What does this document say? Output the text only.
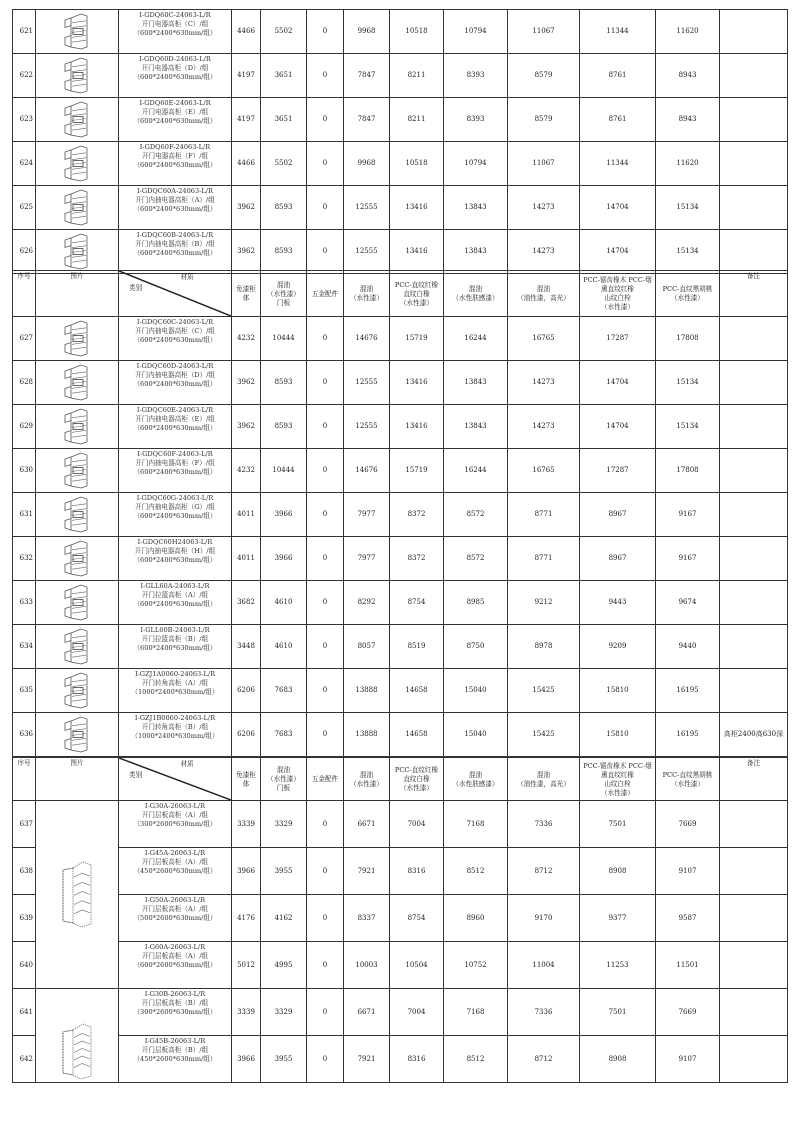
621	

I-GDQ60C-24063-L/R
开门电器高柜（C）/组
（600*2400*630mm/组）	4466	5502	0	9968	10518	10794	11067	11344	11620	
622	

I-GDQ60D-24063-L/R
开门电器高柜（D）/组
（600*2400*630mm/组）	4197	3651	0	7847	8211	8393	8579	8761	8943	
623	

I-GDQ60E-24063-L/R
开门电器高柜（E）/组
（600*2400*630mm/组）	4197	3651	0	7847	8211	8393	8579	8761	8943	
624	

I-GDQ60F-24063-L/R
开门电器高柜（F）/组
（600*2400*630mm/组）	4466	5502	0	9968	10518	10794	11067	11344	11620	
625	

I-GDQC60A-24063-L/R
开门内抽电器高柜（A）/组
（600*2400*630mm/组）	3962	8593	0	12555	13416	13843	14273	14704	15134	
626	

I-GDQC60B-24063-L/R
开门内抽电器高柜（B）/组
（600*2400*630mm/组）	3962	8593	0	12555	13416	13843	14273	14704	15134	
序号	图片	材质
类别	免漆柜
体

混油
（水性漆）
门板

五金配件

混油
（水性漆）

PCC-直纹红橡
直纹白橡
（水性漆）

混油
（水性肤感漆）

混油
（油性漆，高光）

PCC-锯齿橡木 PCC-烟
熏直纹红橡
山纹白栓
（水性漆）

PCC-直纹黑胡桃
（水性漆）

备注

627	

I-GDQC60C-24063-L/R
开门内抽电器高柜（C）/组
（600*2400*630mm/组）	4232	10444	0	14676	15719	16244	16765	17287	17808	
628	

I-GDQC60D-24063-L/R
开门内抽电器高柜（D）/组
（600*2400*630mm/组）	3962	8593	0	12555	13416	13843	14273	14704	15134	
629	

I-GDQC60E-24063-L/R
开门内抽电器高柜（E）/组
（600*2400*630mm/组）	3962	8593	0	12555	13416	13843	14273	14704	15134	
630	

I-GDQC60F-24063-L/R
开门内抽电器高柜（F）/组
（600*2400*630mm/组）	4232	10444	0	14676	15719	16244	16765	17287	17808	
631	

I-GDQC60G-24063-L/R
开门内抽电器高柜（G）/组
（600*2400*630mm/组）	4011	3966	0	7977	8372	8572	8771	8967	9167	
632	

I-GDQC60H24063-L/R
开门内抽电器高柜（H）/组
（600*2400*630mm/组）	4011	3966	0	7977	8372	8572	8771	8967	9167	
633	

I-GLL60A-24063-L/R
开门拉篮高柜（A）/组
（600*2400*630mm/组）	3682	4610	0	8292	8754	8985	9212	9443	9674	
634	

I-GLL60B-24063-L/R
开门拉篮高柜（B）/组
（600*2400*630mm/组）	3448	4610	0	8057	8519	8750	8978	9209	9440	
635	

I-GZJ1A0060-24063-L/R
开门转角高柜（A）/组
（1000*2400*630mm/组）	6206	7683	0	13888	14658	15040	15425	15810	16195	
636	

I-GZJ1B0060-24063-L/R
开门转角高柜（B）/组
（1000*2400*630mm/组）	6206	7683	0	13888	14658	15040	15425	15810	16195	高柜2400高630深
序号	图片	材质
类别	免漆柜
体

混油
（水性漆）
门板

五金配件

混油
（水性漆）

PCC-直纹红橡
直纹白橡
（水性漆）

混油
（水性肤感漆）

混油
（油性漆，高光）

PCC-锯齿橡木 PCC-烟
熏直纹红橡
山纹白栓
（水性漆）

PCC-直纹黑胡桃
（水性漆）

备注

637	

I-G30A-26063-L/R
开门层板高柜（A）/组
（300*2600*630mm/组）	3339	3329	0	6671	7004	7168	7336	7501	7669	
638	
I-G45A-26063-L/R
开门层板高柜（A）/组
（450*2600*630mm/组）	3966	3955	0	7921	8316	8512	8712	8908	9107	
639	
I-G50A-26063-L/R
开门层板高柜（A）/组
（500*2600*630mm/组）	4176	4162	0	8337	8754	8960	9170	9377	9587	
640	
I-G60A-26063-L/R
开门层板高柜（A）/组
（600*2600*630mm/组）	5012	4995	0	10003	10504	10752	11004	11253	11501	
641	

I-G30B-26063-L/R
开门层板高柜（B）/组
（300*2600*630mm/组）	3339	3329	0	6671	7004	7168	7336	7501	7669	
642	
I-G45B-26063-L/R
开门层板高柜（B）/组
（450*2600*630mm/组）	3966	3955	0	7921	8316	8512	8712	8908	9107	
